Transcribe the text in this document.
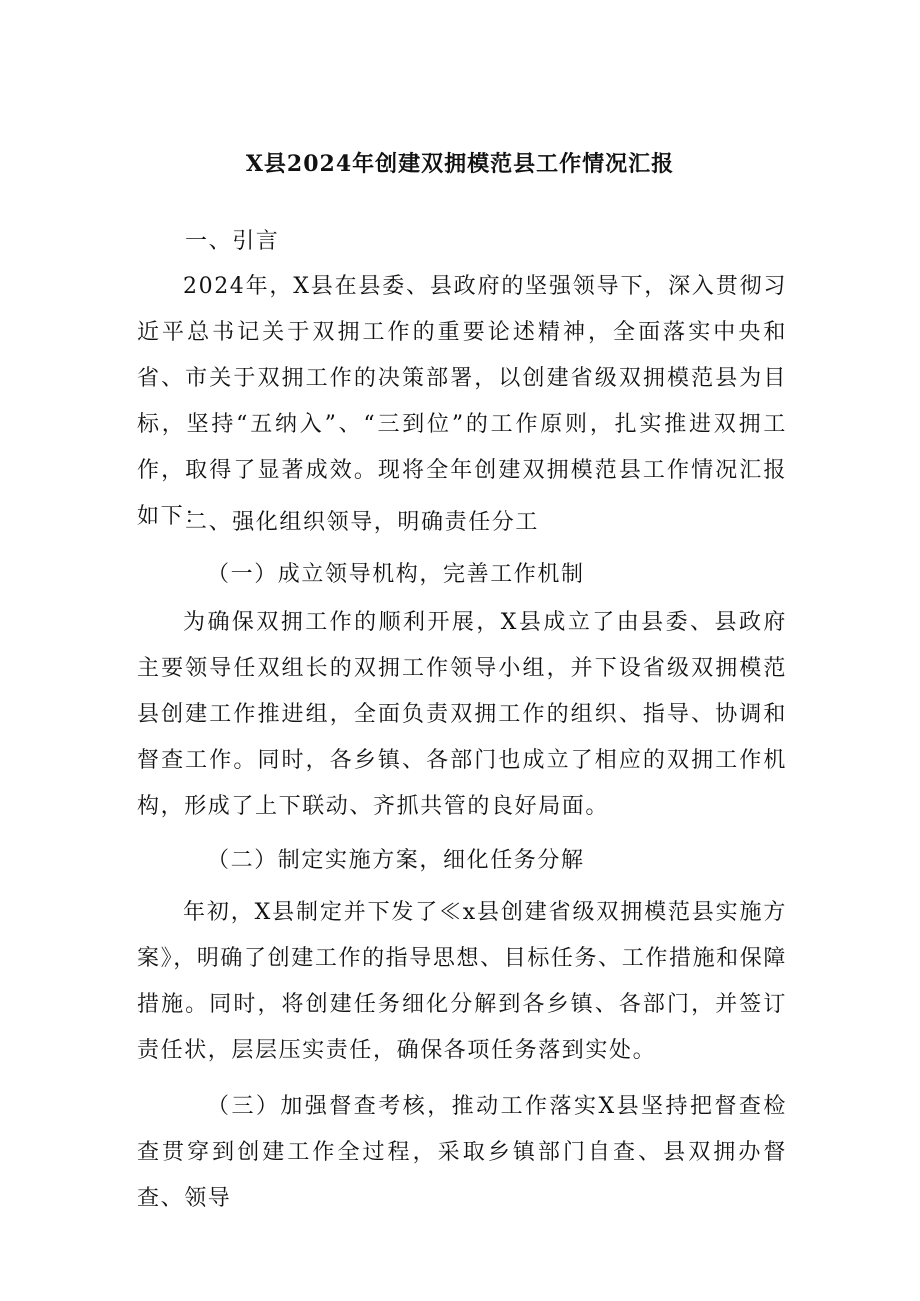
X县2024年创建双拥模范县工作情况汇报

一、引言

2024年，X县在县委、县政府的坚强领导下，深入贯彻习近平总书记关于双拥工作的重要论述精神，全面落实中央和省、市关于双拥工作的决策部署，以创建省级双拥模范县为目标，坚持“五纳入”、“三到位”的工作原则，扎实推进双拥工作，取得了显著成效。现将全年创建双拥模范县工作情况汇报如下：

二、强化组织领导，明确责任分工

（一）成立领导机构，完善工作机制

为确保双拥工作的顺利开展，X县成立了由县委、县政府主要领导任双组长的双拥工作领导小组，并下设省级双拥模范县创建工作推进组，全面负责双拥工作的组织、指导、协调和督查工作。同时，各乡镇、各部门也成立了相应的双拥工作机构，形成了上下联动、齐抓共管的良好局面。

（二）制定实施方案，细化任务分解

年初，X县制定并下发了≪x县创建省级双拥模范县实施方案》，明确了创建工作的指导思想、目标任务、工作措施和保障措施。同时，将创建任务细化分解到各乡镇、各部门，并签订责任状，层层压实责任，确保各项任务落到实处。

（三）加强督查考核，推动工作落实X县坚持把督查检查贯穿到创建工作全过程，采取乡镇部门自查、县双拥办督查、领导
